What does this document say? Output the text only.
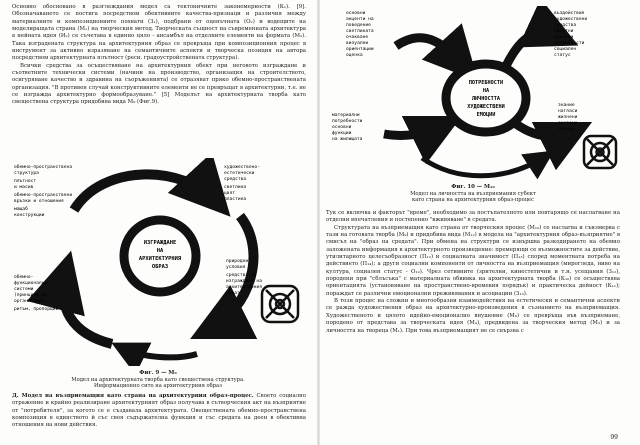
Основно обосновано в разглеждания модел са тектоничните закономерности (К₁). [9]. Обозначаването се постига посредством обективните качества-признаци и различия между материалните и композиционните похвати (З₁), подбрани от оценъчната (О₂) и водещите на моделиращата страна (М₁) на творческия метод. Творческата същност на съвременната архитектура в нейната идея (И₂) се съчетава в единно цяло - ансамбъл на отделните елементи на формата (М₃). Така изградената структура на архитектурния образ се превръща при композиционния процес в инструмент за активно изразяване на семантичните аспекти и творческа позиция на автора посредством архитектурната плътност (реси. градоустройствената структура).

Всички средства за осъществяване на архитектурния обект при неговото изграждане и съответните технически системи (начини на производство, организация на строителството, осигуряване качество и здравина на съоръженията) се отразяват пряко обемно-пространствената организация. "В противен случай конструктивните елементи не се превръщат в архитектурни, т.е. не се изгражда архитектурно формообразуване." [5] Моделът на архитектурната творба като свеществена структура придобива вида М₉ (Фиг.9).

ИЗГРАЖДАНЕ
НА
АРХИТЕКТУРНИЯ
ОБРАЗ
обемно-пространствена
структура
плътност
и масив
обемно-пространствени
връзки и отношения
мащаб
конструкции
художествено-
естетически
средства
светлина
цвят
пластика
обемно-
функционални
системи
(принципи за
организация)
ритъм, пропорции
природни
условия
средства за
изграждане на
архитектурния
образ
Фиг. 9 — М₉
Модел на архитектурната творба като свеществена структура.
Информационно сито на архитектурния образ

Д. Модел на възприемащия като страна на архитектурния образ-процес. Своето социално отражение и крайно реализиране архитектурният образ получава в сътворческия акт на възприятие от "потребителя", за когото се е създавала архитектурата. Овеществената обемно-пространствена композиция в единството й със своя съдържателна функция и със средата на деен в обективна отношения на нови действия.

ПОТРЕБНОСТИ
НА
ЛИЧНОСТТА
ХУДОЖЕСТВЕНИ
ЕМОЦИИ
основни
акценти на
поведение
светлината
очакване
визуални
ориентации
оценка
въздействие
художествени
средства
обектни
духовни
потребности
социален
статус
материални
потребности
основни
функции
на жилищата
знание
нагласи
жизнени
системи
навици
Фиг. 10 — М₁₀
Модел на личността на възприемания субект
като страна на архитектурния образ-процес

Тук се включва и факторът "време", необходимо за постъпателното или повтарящо се наслагване на отделни впечатления и постепенно "вживяване" в средата.

Структурата на възприемащия като страна от творческия процес (М₁₀) се наслагва и съизмерва с тази на готовата творба (М₉) и придобива вида (М₁₂) в модела на "архитектурния образ-възприятие" в смисъл на "образ на средата". При обмена на структури се извършва разкодирането на обемно заложената информация в архитектурното произведение: премерящи се възможностите за действие, утилитарното целесъобразност (П₁₂) и социалната значимост (П₁₃) според моментната потреба на действието (П₁₄); а други социални компоненти от личността на възприемащия (мирогледа, ниво на култура, социален статус - О₁₂). Чрез сетивните (зрителни, кинестетични и т.н. усещания (З₁₂), породени при "сблъсъка" с материалната обвивка на архитектурната творба (К₁₀) се осъществява ориентацията (установяване на пространствено-времевия порядък) и практическа дейност (К₁₁); пораждат се различни емоционални преживявания и асоциации (З₁₃).

В този процес на сложни и многообразни взаимодействия на естетически и семантични аспекти се ражда художествения образ на архитектурно-произведения в съзнанието на възприемащия. Художественото и цялото идейно-емоционално внушение (М₆) се превръща във възприемане, породено от представа за творческата идея (М₄), предвидена за творческия метод (М₃) и за личността на твореца (М₁). При това възприемащият не се свързва с

99
